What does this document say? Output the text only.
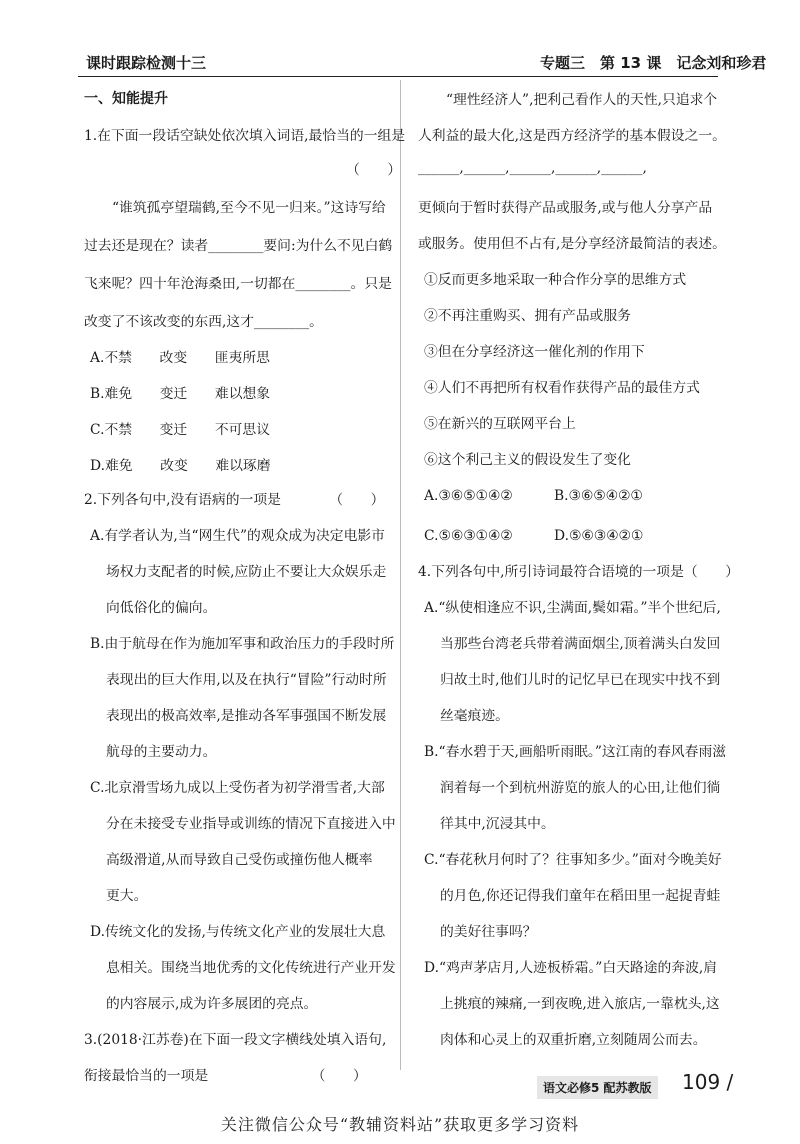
课时跟踪检测十三	专题三　第 13 课　记念刘和珍君
一、知能提升
1.在下面一段话空缺处依次填入词语,最恰当的一组是
（　　）
“谁筑孤亭望瑞鹤,至今不见一归来。”这诗写给
过去还是现在？读者________要问:为什么不见白鹤
飞来呢？四十年沧海桑田,一切都在________。只是
改变了不该改变的东西,这才________。
A.不禁　　改变　　匪夷所思
B.难免　　变迁　　难以想象
C.不禁　　变迁　　不可思议
D.难免　　改变　　难以琢磨
2.下列各句中,没有语病的一项是　　　　（　　）
A.有学者认为,当“网生代”的观众成为决定电影市
场权力支配者的时候,应防止不要让大众娱乐走
向低俗化的偏向。
B.由于航母在作为施加军事和政治压力的手段时所
表现出的巨大作用,以及在执行“冒险”行动时所
表现出的极高效率,是推动各军事强国不断发展
航母的主要动力。
C.北京滑雪场九成以上受伤者为初学滑雪者,大部
分在未接受专业指导或训练的情况下直接进入中
高级滑道,从而导致自己受伤或撞伤他人概率
更大。
D.传统文化的发扬,与传统文化产业的发展壮大息
息相关。围绕当地优秀的文化传统进行产业开发
的内容展示,成为许多展团的亮点。
3.(2018·江苏卷)在下面一段文字横线处填入语句,
衔接最恰当的一项是　　　　　　　　（　　）
“理性经济人”,把利己看作人的天性,只追求个
人利益的最大化,这是西方经济学的基本假设之一。
______,______,______,______,______,
更倾向于暂时获得产品或服务,或与他人分享产品
或服务。使用但不占有,是分享经济最简洁的表述。
①反而更多地采取一种合作分享的思维方式
②不再注重购买、拥有产品或服务
③但在分享经济这一催化剂的作用下
④人们不再把所有权看作获得产品的最佳方式
⑤在新兴的互联网平台上
⑥这个利己主义的假设发生了变化
A.③⑥⑤①④②　　　B.③⑥⑤④②①
C.⑤⑥③①④②　　　D.⑤⑥③④②①
4.下列各句中,所引诗词最符合语境的一项是（　　）
A.“纵使相逢应不识,尘满面,鬓如霜。”半个世纪后,
当那些台湾老兵带着满面烟尘,顶着满头白发回
归故土时,他们儿时的记忆早已在现实中找不到
丝毫痕迹。
B.“春水碧于天,画船听雨眠。”这江南的春风春雨滋
润着每一个到杭州游览的旅人的心田,让他们徜
徉其中,沉浸其中。
C.“春花秋月何时了？往事知多少。”面对今晚美好
的月色,你还记得我们童年在稻田里一起捉青蛙
的美好往事吗？
D.“鸡声茅店月,人迹板桥霜。”白天路途的奔波,肩
上挑痕的辣痛,一到夜晚,进入旅店,一靠枕头,这
肉体和心灵上的双重折磨,立刻随周公而去。
语文必修5 配苏教版	109 /
关注微信公众号“教辅资料站”获取更多学习资料
